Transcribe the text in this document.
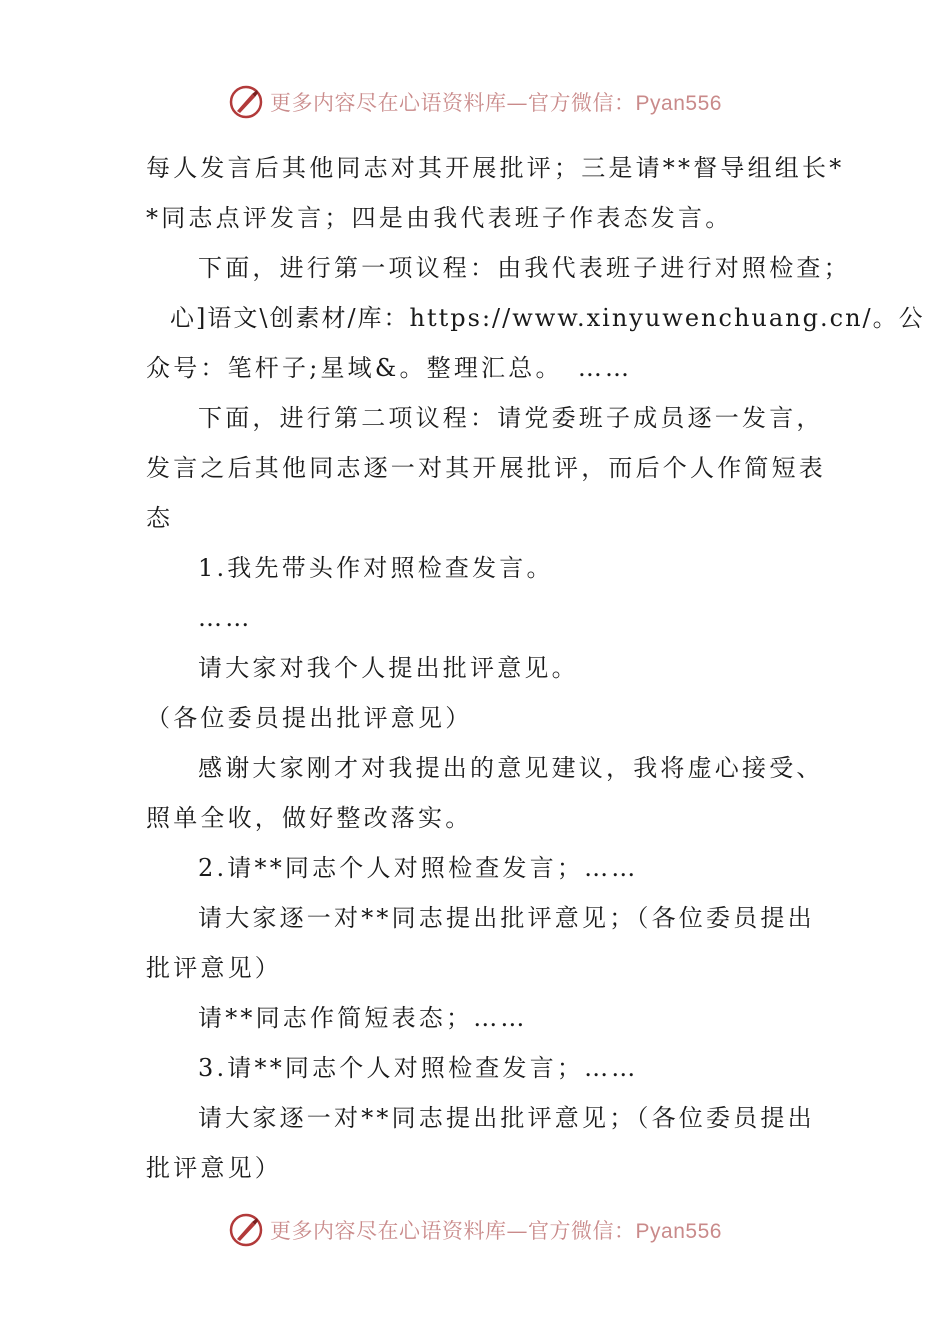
更多内容尽在心语资料库—官方微信：Pyan556
每人发言后其他同志对其开展批评；三是请**督导组组长*
*同志点评发言；四是由我代表班子作表态发言。
下面，进行第一项议程：由我代表班子进行对照检查；
心]语文\创素材/库：https://www.xinyuwenchuang.cn/。公
众号：笔杆子;星域&。整理汇总。　……
下面，进行第二项议程：请党委班子成员逐一发言，
发言之后其他同志逐一对其开展批评，而后个人作简短表
态
1.我先带头作对照检查发言。
……
请大家对我个人提出批评意见。
（各位委员提出批评意见）
感谢大家刚才对我提出的意见建议，我将虚心接受、
照单全收，做好整改落实。
2.请**同志个人对照检查发言；……
请大家逐一对**同志提出批评意见；（各位委员提出
批评意见）
请**同志作简短表态；……
3.请**同志个人对照检查发言；……
请大家逐一对**同志提出批评意见；（各位委员提出
批评意见）
更多内容尽在心语资料库—官方微信：Pyan556
